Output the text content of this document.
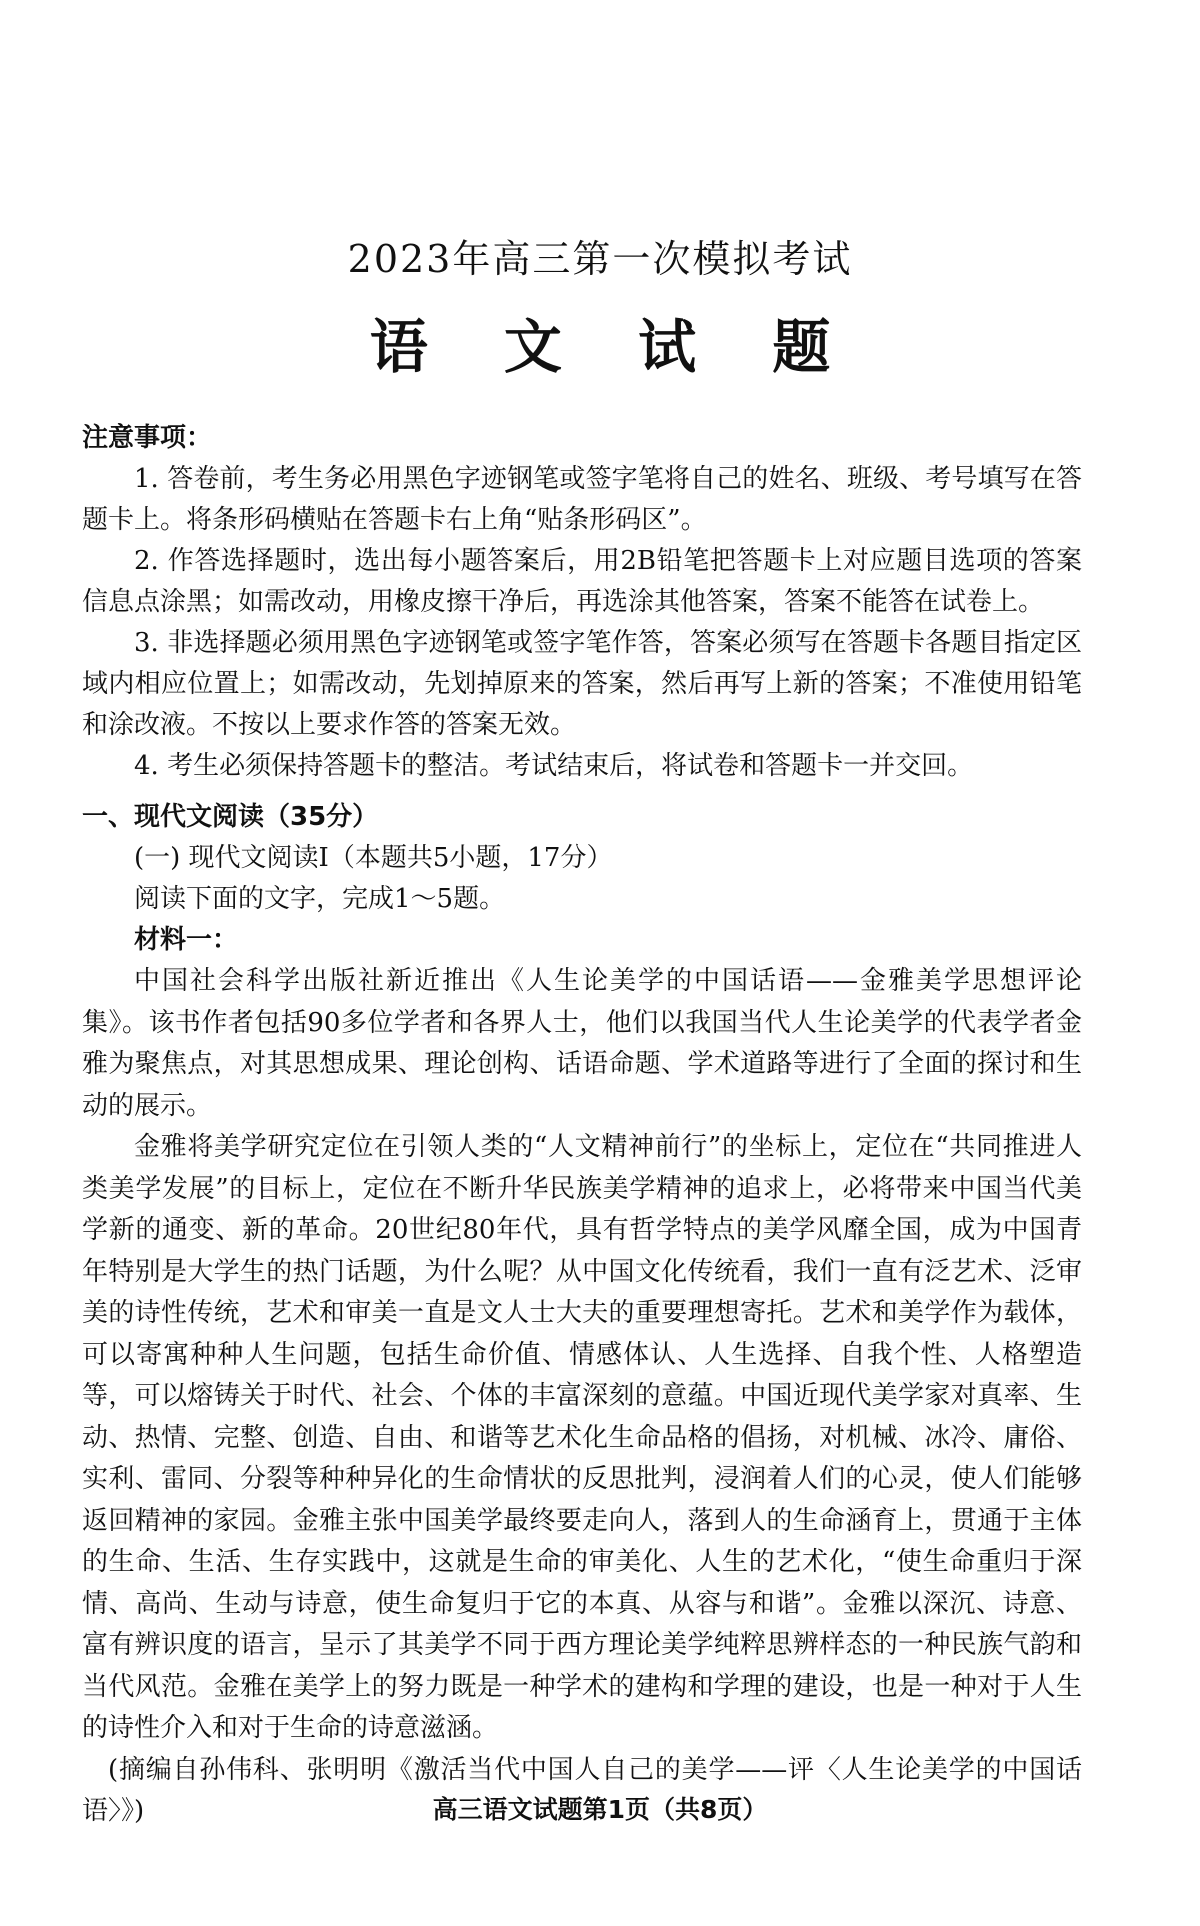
2023年高三第一次模拟考试
语 文 试 题
注意事项：

1. 答卷前，考生务必用黑色字迹钢笔或签字笔将自己的姓名、班级、考号填写在答题卡上。将条形码横贴在答题卡右上角“贴条形码区”。

2. 作答选择题时，选出每小题答案后，用2B铅笔把答题卡上对应题目选项的答案信息点涂黑；如需改动，用橡皮擦干净后，再选涂其他答案，答案不能答在试卷上。

3. 非选择题必须用黑色字迹钢笔或签字笔作答，答案必须写在答题卡各题目指定区域内相应位置上；如需改动，先划掉原来的答案，然后再写上新的答案；不准使用铅笔和涂改液。不按以上要求作答的答案无效。

4. 考生必须保持答题卡的整洁。考试结束后，将试卷和答题卡一并交回。

一、现代文阅读（35分）
(一) 现代文阅读Ⅰ（本题共5小题，17分）
阅读下面的文字，完成1～5题。
材料一：

中国社会科学出版社新近推出《人生论美学的中国话语——金雅美学思想评论集》。该书作者包括90多位学者和各界人士，他们以我国当代人生论美学的代表学者金雅为聚焦点，对其思想成果、理论创构、话语命题、学术道路等进行了全面的探讨和生动的展示。

金雅将美学研究定位在引领人类的“人文精神前行”的坐标上，定位在“共同推进人类美学发展”的目标上，定位在不断升华民族美学精神的追求上，必将带来中国当代美学新的通变、新的革命。20世纪80年代，具有哲学特点的美学风靡全国，成为中国青年特别是大学生的热门话题，为什么呢？从中国文化传统看，我们一直有泛艺术、泛审美的诗性传统，艺术和审美一直是文人士大夫的重要理想寄托。艺术和美学作为载体，可以寄寓种种人生问题，包括生命价值、情感体认、人生选择、自我个性、人格塑造等，可以熔铸关于时代、社会、个体的丰富深刻的意蕴。中国近现代美学家对真率、生动、热情、完整、创造、自由、和谐等艺术化生命品格的倡扬，对机械、冰冷、庸俗、实利、雷同、分裂等种种异化的生命情状的反思批判，浸润着人们的心灵，使人们能够返回精神的家园。金雅主张中国美学最终要走向人，落到人的生命涵育上，贯通于主体的生命、生活、生存实践中，这就是生命的审美化、人生的艺术化，“使生命重归于深情、高尚、生动与诗意，使生命复归于它的本真、从容与和谐”。金雅以深沉、诗意、富有辨识度的语言，呈示了其美学不同于西方理论美学纯粹思辨样态的一种民族气韵和当代风范。金雅在美学上的努力既是一种学术的建构和学理的建设，也是一种对于人生的诗性介入和对于生命的诗意滋涵。

(摘编自孙伟科、张明明《激活当代中国人自己的美学——评〈人生论美学的中国话语〉》)	高三语文试题第1页（共8页）
